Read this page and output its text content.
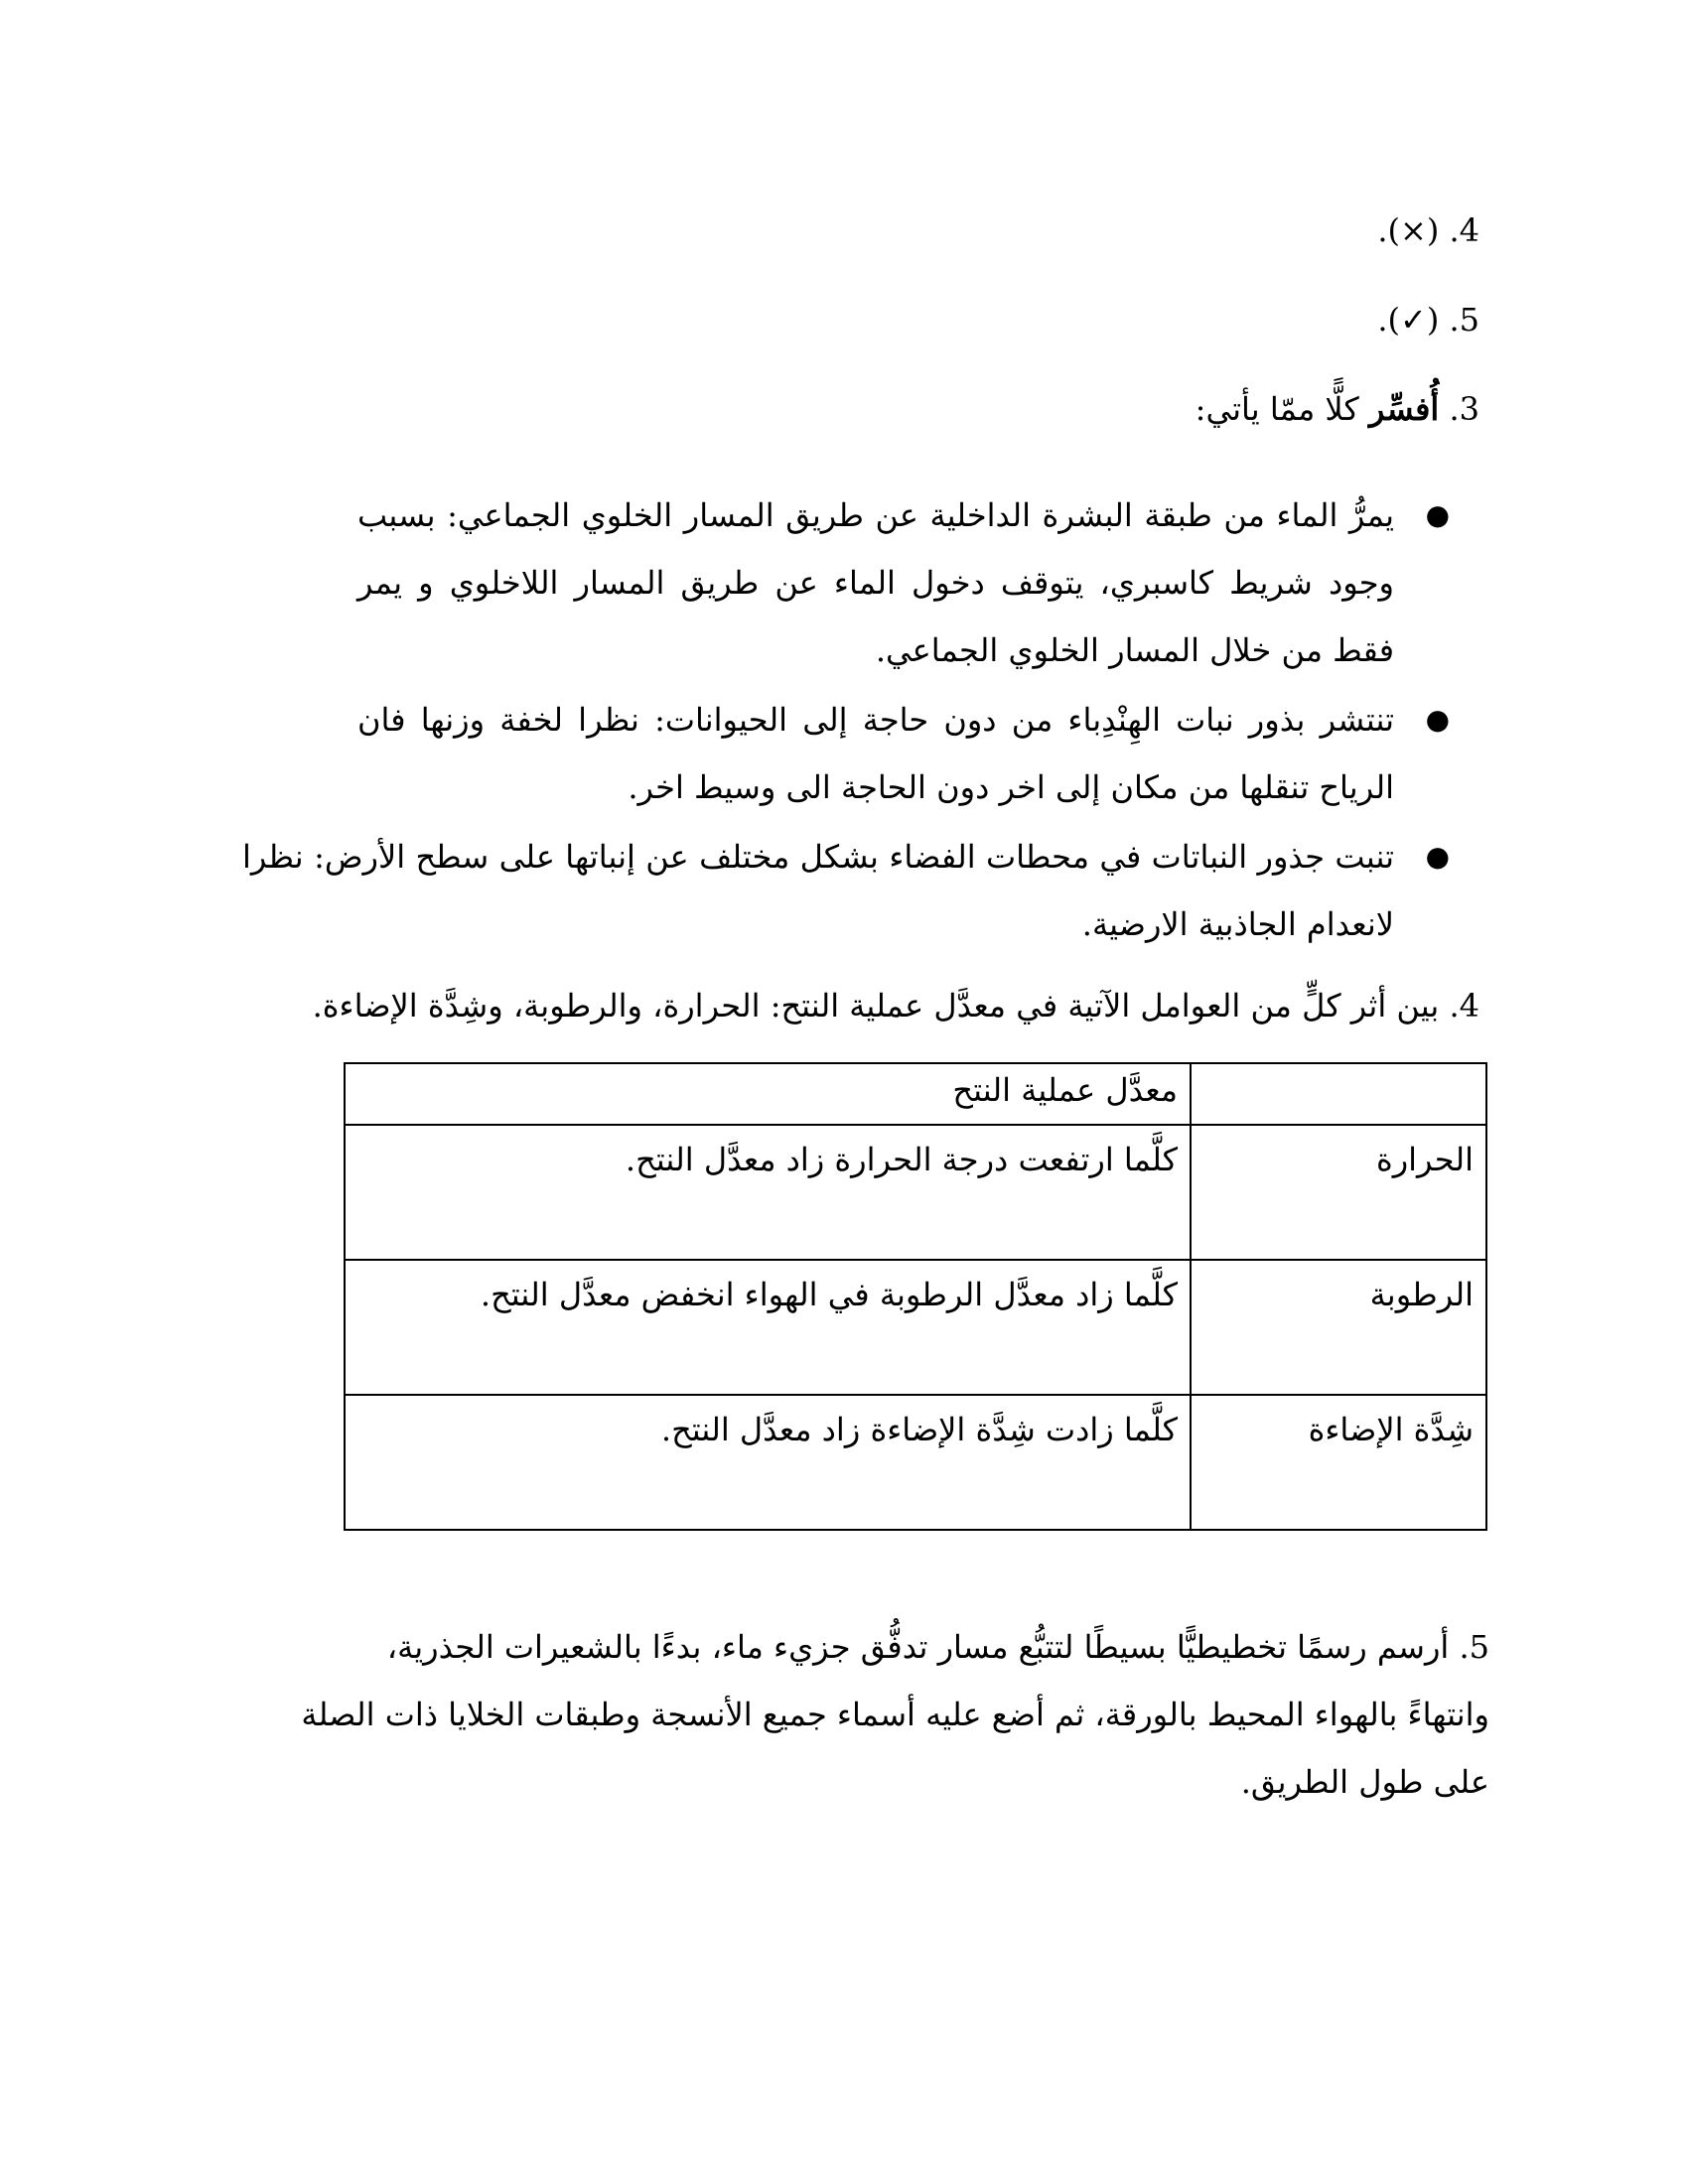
4. (×).
5. (✓).
3. أُفسِّر كلًّا ممّا يأتي:
●
يمرُّ الماء من طبقة البشرة الداخلية عن طريق المسار الخلوي الجماعي: بسبب وجود شريط كاسبري، يتوقف دخول الماء عن طريق المسار اللاخلوي و يمر فقط من خلال المسار الخلوي الجماعي.
●
تنتشر بذور نبات الهِنْدِباء من دون حاجة إلى الحيوانات: نظرا لخفة وزنها فان الرياح تنقلها من مكان إلى اخر دون الحاجة الى وسيط اخر.
●
تنبت جذور النباتات في محطات الفضاء بشكل مختلف عن إنباتها على سطح الأرض: نظرا لانعدام الجاذبية الارضية.
4. بين أثر كلٍّ من العوامل الآتية في معدَّل عملية النتح: الحرارة، والرطوبة، وشِدَّة الإضاءة.
	معدَّل عملية النتح
الحرارة	كلَّما ارتفعت درجة الحرارة زاد معدَّل النتح.
الرطوبة	كلَّما زاد معدَّل الرطوبة في الهواء انخفض معدَّل النتح.
شِدَّة الإضاءة	كلَّما زادت شِدَّة الإضاءة زاد معدَّل النتح.
5. أرسم رسمًا تخطيطيًّا بسيطًا لتتبُّع مسار تدفُّق جزيء ماء، بدءًا بالشعيرات الجذرية، وانتهاءً بالهواء المحيط بالورقة، ثم أضع عليه أسماء جميع الأنسجة وطبقات الخلايا ذات الصلة على طول الطريق.
